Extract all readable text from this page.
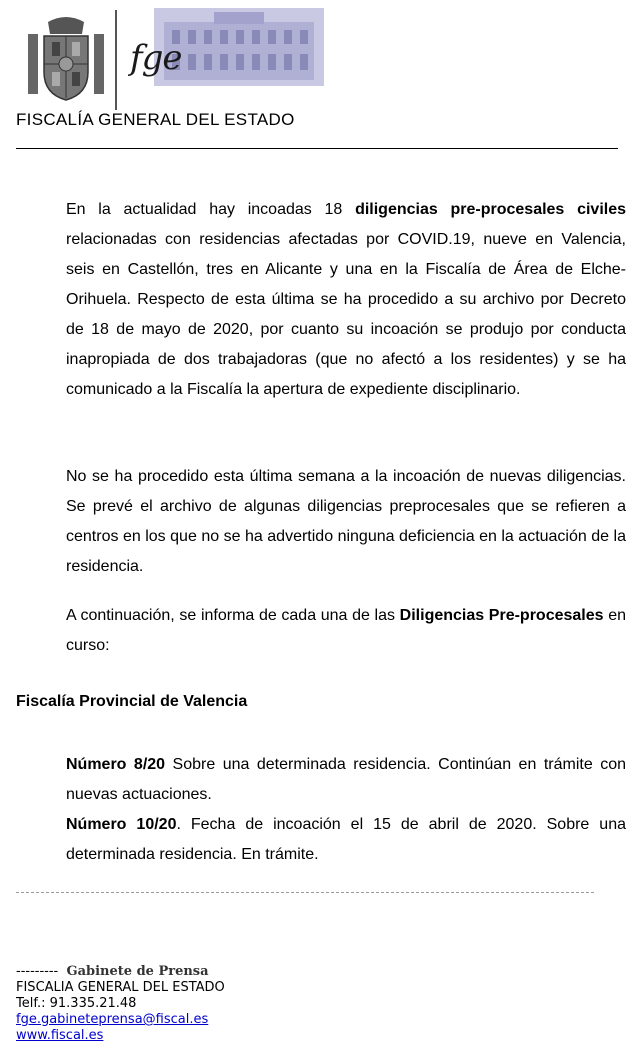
fge
FISCALÍA GENERAL DEL ESTADO

En la actualidad hay incoadas 18 diligencias pre-procesales civiles relacionadas con residencias afectadas por COVID.19, nueve en Valencia, seis en Castellón, tres en Alicante y una en la Fiscalía de Área de Elche-Orihuela. Respecto de esta última se ha procedido a su archivo por Decreto de 18 de mayo de 2020, por cuanto su incoación se produjo por conducta inapropiada de dos trabajadoras (que no afectó a los residentes) y se ha comunicado a la Fiscalía la apertura de expediente disciplinario.

No se ha procedido esta última semana a la incoación de nuevas diligencias. Se prevé el archivo de algunas diligencias preprocesales que se refieren a centros en los que no se ha advertido ninguna deficiencia en la actuación de la residencia.

A continuación, se informa de cada una de las Diligencias Pre-procesales en curso:

Fiscalía Provincial de Valencia

Número 8/20 Sobre una determinada residencia. Continúan en trámite con nuevas actuaciones.

Número 10/20. Fecha de incoación el 15 de abril de 2020. Sobre una determinada residencia. En trámite.

--------- Gabinete de Prensa
FISCALIA GENERAL DEL ESTADO
Telf.: 91.335.21.48
fge.gabineteprensa@fiscal.es
www.fiscal.es
